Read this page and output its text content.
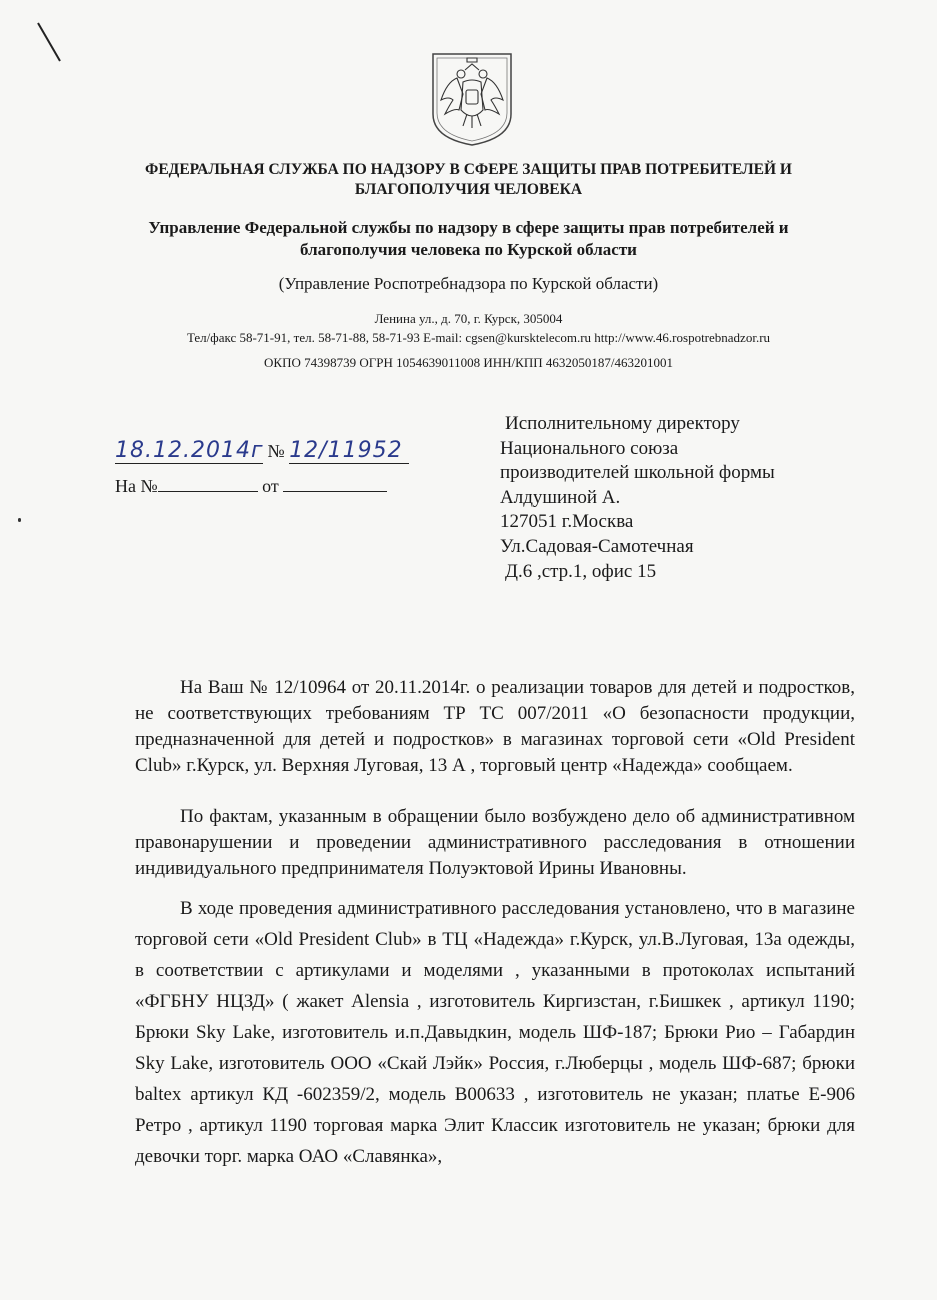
ФЕДЕРАЛЬНАЯ СЛУЖБА ПО НАДЗОРУ В СФЕРЕ ЗАЩИТЫ ПРАВ ПОТРЕБИТЕЛЕЙ И БЛАГОПОЛУЧИЯ ЧЕЛОВЕКА
Управление Федеральной службы по надзору в сфере защиты прав потребителей и благополучия человека по Курской области
(Управление Роспотребнадзора по Курской области)
Ленина ул., д. 70, г. Курск, 305004
Тел/факс 58-71-91, тел. 58-71-88, 58-71-93 E-mail: cgsen@kursktelecom.ru http://www.46.rospotrebnadzor.ru
ОКПО 74398739 ОГРН 1054639011008 ИНН/КПП 4632050187/463201001
18.12.2014г № 12/11952
На №	от
Исполнительному директору
Национального союза
производителей школьной формы
Алдушиной А.
127051 г.Москва
Ул.Садовая-Самотечная
Д.6 ,стр.1, офис 15

На Ваш № 12/10964 от 20.11.2014г. о реализации товаров для детей и подростков, не соответствующих требованиям ТР ТС 007/2011 «О безопасности продукции, предназначенной для детей и подростков» в магазинах торговой сети «Old President Club» г.Курск, ул. Верхняя Луговая, 13 А , торговый центр «Надежда» сообщаем.

По фактам, указанным в обращении было возбуждено дело об административном правонарушении и проведении административного расследования в отношении индивидуального предпринимателя Полуэктовой Ирины Ивановны.

В ходе проведения административного расследования установлено, что в магазине торговой сети «Old President Club» в ТЦ «Надежда» г.Курск, ул.В.Луговая, 13а одежды, в соответствии с артикулами и моделями , указанными в протоколах испытаний «ФГБНУ НЦЗД» ( жакет Alensia , изготовитель Киргизстан, г.Бишкек , артикул 1190; Брюки Sky Lake, изготовитель и.п.Давыдкин, модель ШФ-187; Брюки Рио – Габардин Sky Lake, изготовитель ООО «Скай Лэйк» Россия, г.Люберцы , модель ШФ-687; брюки baltex артикул КД -602359/2, модель В00633 , изготовитель не указан; платье Е-906 Ретро , артикул 1190 торговая марка Элит Классик изготовитель не указан; брюки для девочки торг. марка ОАО «Славянка»,
